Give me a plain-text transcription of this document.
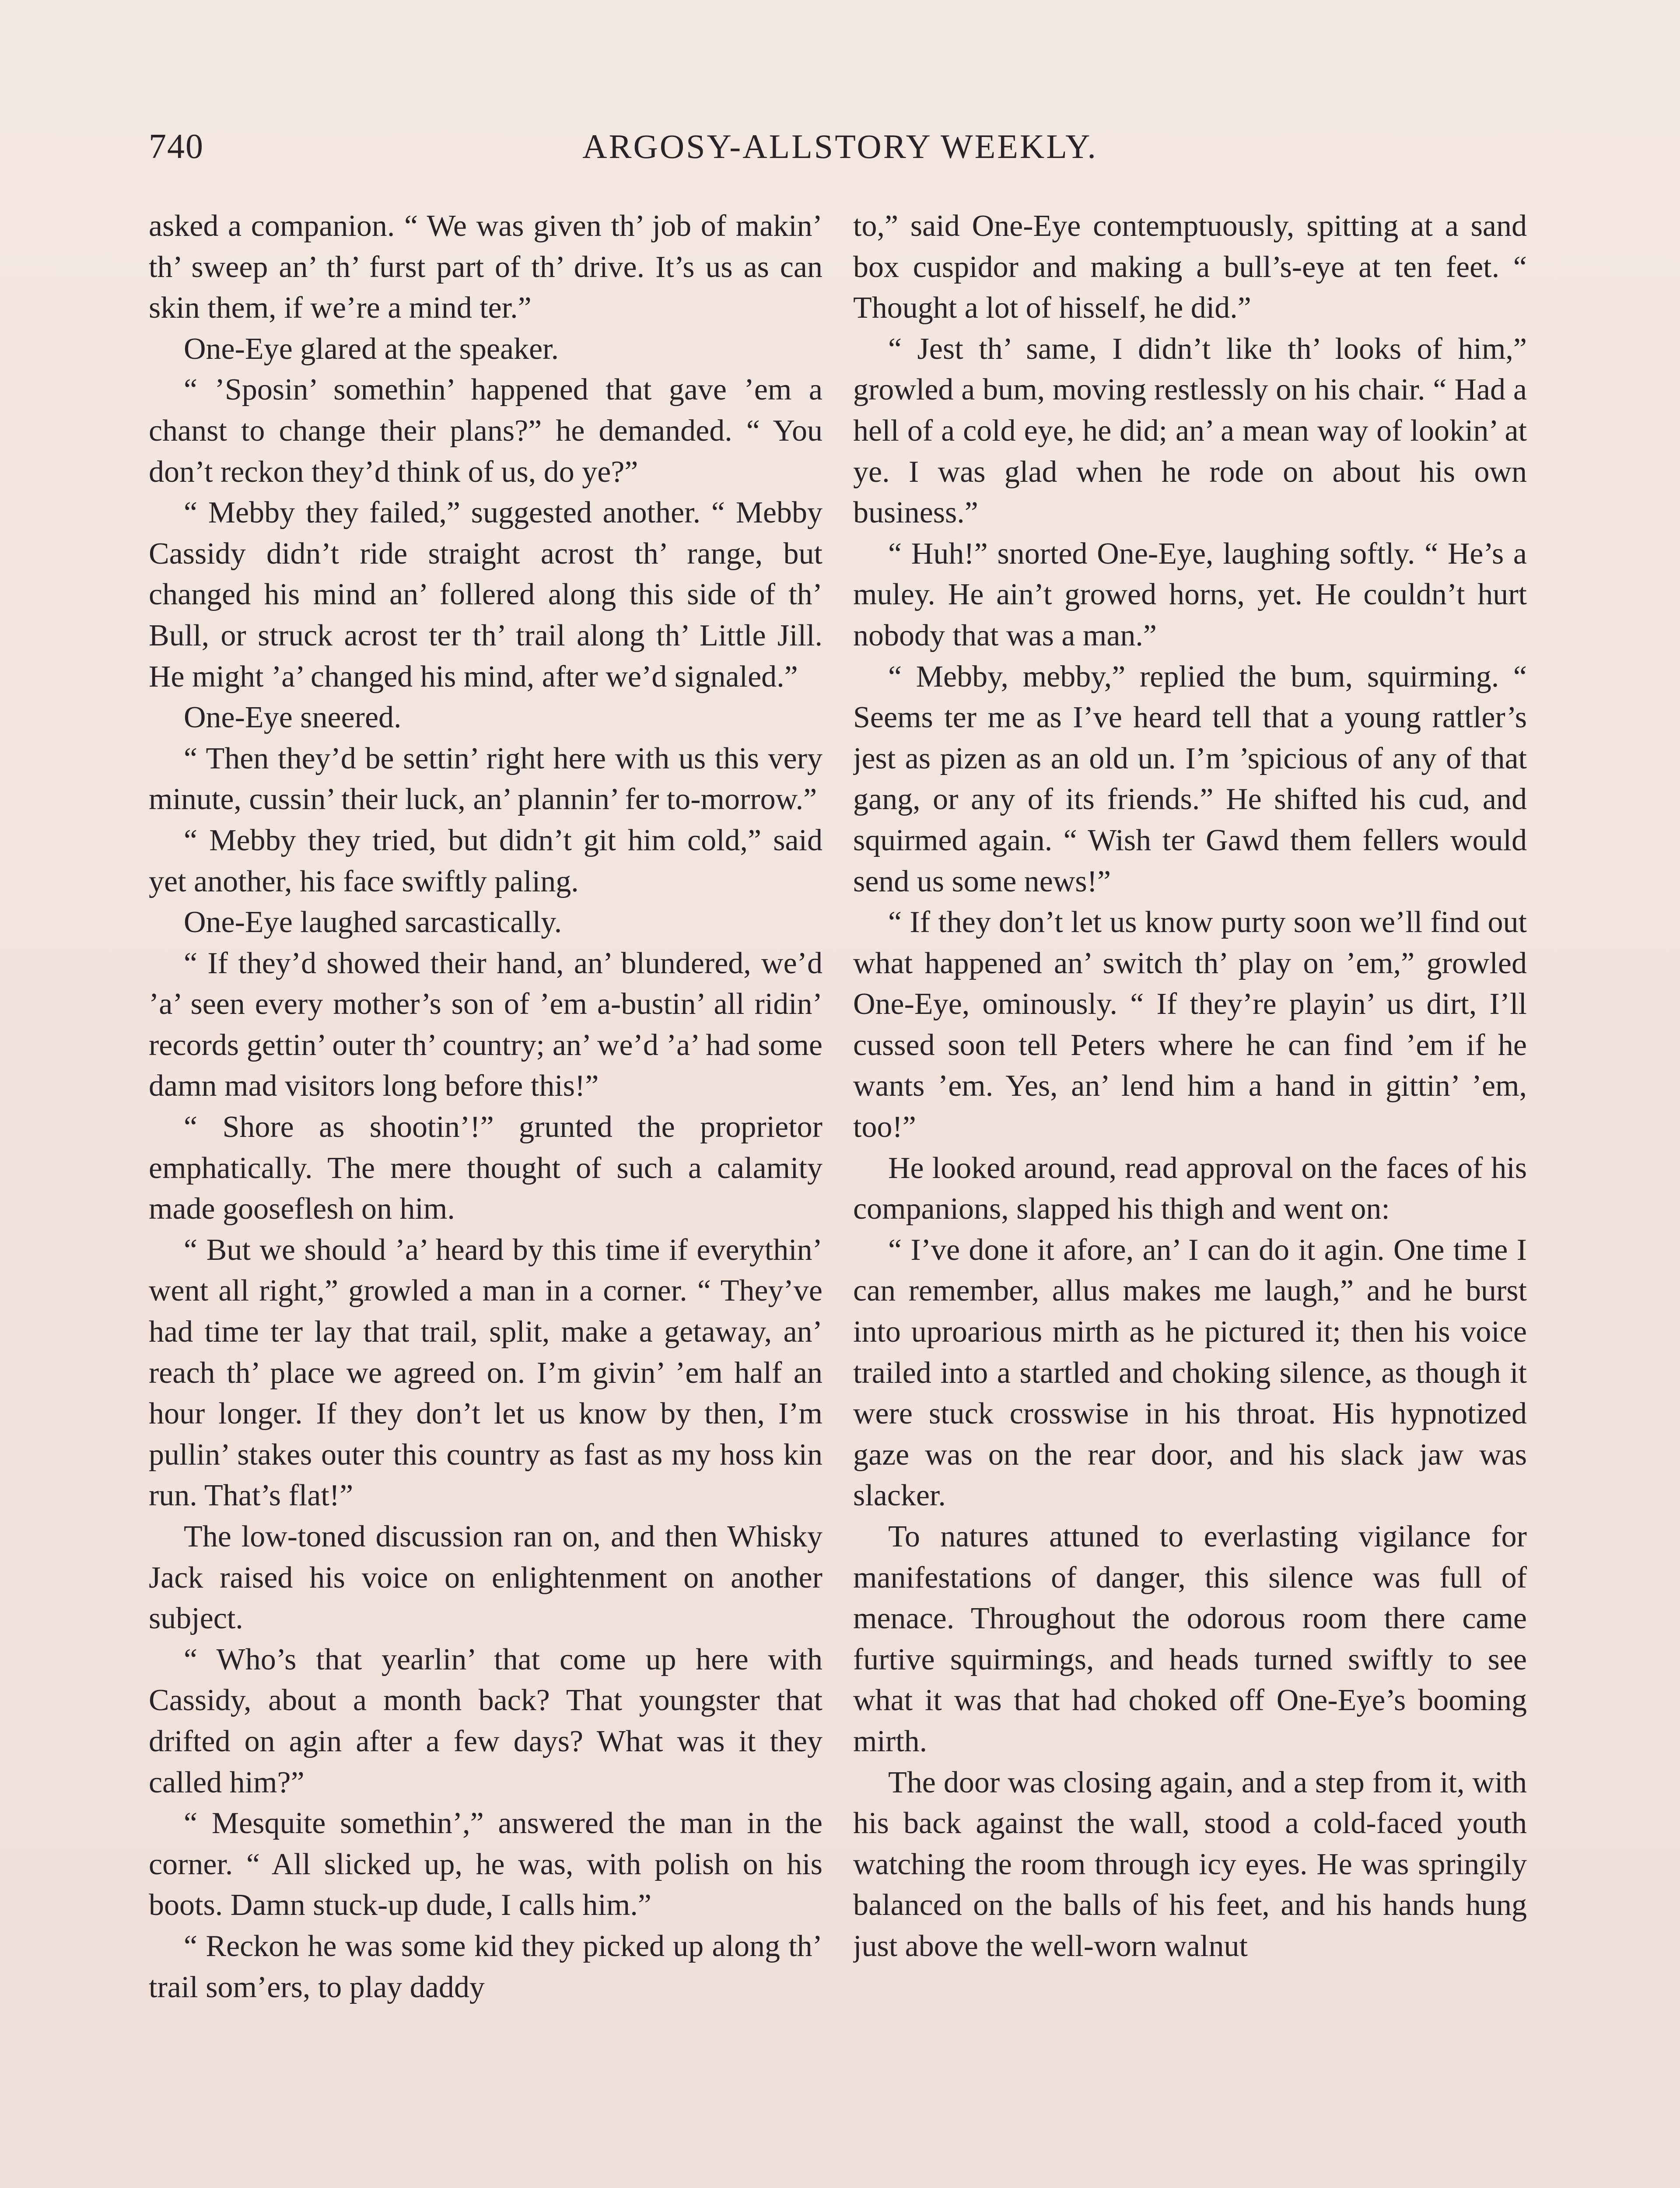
740	ARGOSY-ALLSTORY WEEKLY.

asked a companion. “ We was given th’ job of makin’ th’ sweep an’ th’ furst part of th’ drive. It’s us as can skin them, if we’re a mind ter.”

One-Eye glared at the speaker.

“ ’Sposin’ somethin’ happened that gave ’em a chanst to change their plans?” he demanded. “ You don’t reckon they’d think of us, do ye?”

“ Mebby they failed,” suggested another. “ Mebby Cassidy didn’t ride straight acrost th’ range, but changed his mind an’ follered along this side of th’ Bull, or struck acrost ter th’ trail along th’ Little Jill. He might ’a’ changed his mind, after we’d signaled.”

One-Eye sneered.

“ Then they’d be settin’ right here with us this very minute, cussin’ their luck, an’ plannin’ fer to-morrow.”

“ Mebby they tried, but didn’t git him cold,” said yet another, his face swiftly paling.

One-Eye laughed sarcastically.

“ If they’d showed their hand, an’ blundered, we’d ’a’ seen every mother’s son of ’em a-bustin’ all ridin’ records gettin’ outer th’ country; an’ we’d ’a’ had some damn mad visitors long before this!”

“ Shore as shootin’!” grunted the proprietor emphatically. The mere thought of such a calamity made gooseflesh on him.

“ But we should ’a’ heard by this time if everythin’ went all right,” growled a man in a corner. “ They’ve had time ter lay that trail, split, make a getaway, an’ reach th’ place we agreed on. I’m givin’ ’em half an hour longer. If they don’t let us know by then, I’m pullin’ stakes outer this country as fast as my hoss kin run. That’s flat!”

The low-toned discussion ran on, and then Whisky Jack raised his voice on enlightenment on another subject.

“ Who’s that yearlin’ that come up here with Cassidy, about a month back? That youngster that drifted on agin after a few days? What was it they called him?”

“ Mesquite somethin’,” answered the man in the corner. “ All slicked up, he was, with polish on his boots. Damn stuck-up dude, I calls him.”

“ Reckon he was some kid they picked up along th’ trail som’ers, to play daddy

to,” said One-Eye contemptuously, spitting at a sand box cuspidor and making a bull’s-eye at ten feet. “ Thought a lot of hisself, he did.”

“ Jest th’ same, I didn’t like th’ looks of him,” growled a bum, moving restlessly on his chair. “ Had a hell of a cold eye, he did; an’ a mean way of lookin’ at ye. I was glad when he rode on about his own business.”

“ Huh!” snorted One-Eye, laughing softly. “ He’s a muley. He ain’t growed horns, yet. He couldn’t hurt nobody that was a man.”

“ Mebby, mebby,” replied the bum, squirming. “ Seems ter me as I’ve heard tell that a young rattler’s jest as pizen as an old un. I’m ’spicious of any of that gang, or any of its friends.” He shifted his cud, and squirmed again. “ Wish ter Gawd them fellers would send us some news!”

“ If they don’t let us know purty soon we’ll find out what happened an’ switch th’ play on ’em,” growled One-Eye, ominously. “ If they’re playin’ us dirt, I’ll cussed soon tell Peters where he can find ’em if he wants ’em. Yes, an’ lend him a hand in gittin’ ’em, too!”

He looked around, read approval on the faces of his companions, slapped his thigh and went on:

“ I’ve done it afore, an’ I can do it agin. One time I can remember, allus makes me laugh,” and he burst into uproarious mirth as he pictured it; then his voice trailed into a startled and choking silence, as though it were stuck crosswise in his throat. His hypnotized gaze was on the rear door, and his slack jaw was slacker.

To natures attuned to everlasting vigilance for manifestations of danger, this silence was full of menace. Throughout the odorous room there came furtive squirmings, and heads turned swiftly to see what it was that had choked off One-Eye’s booming mirth.

The door was closing again, and a step from it, with his back against the wall, stood a cold-faced youth watching the room through icy eyes. He was springily balanced on the balls of his feet, and his hands hung just above the well-worn walnut
